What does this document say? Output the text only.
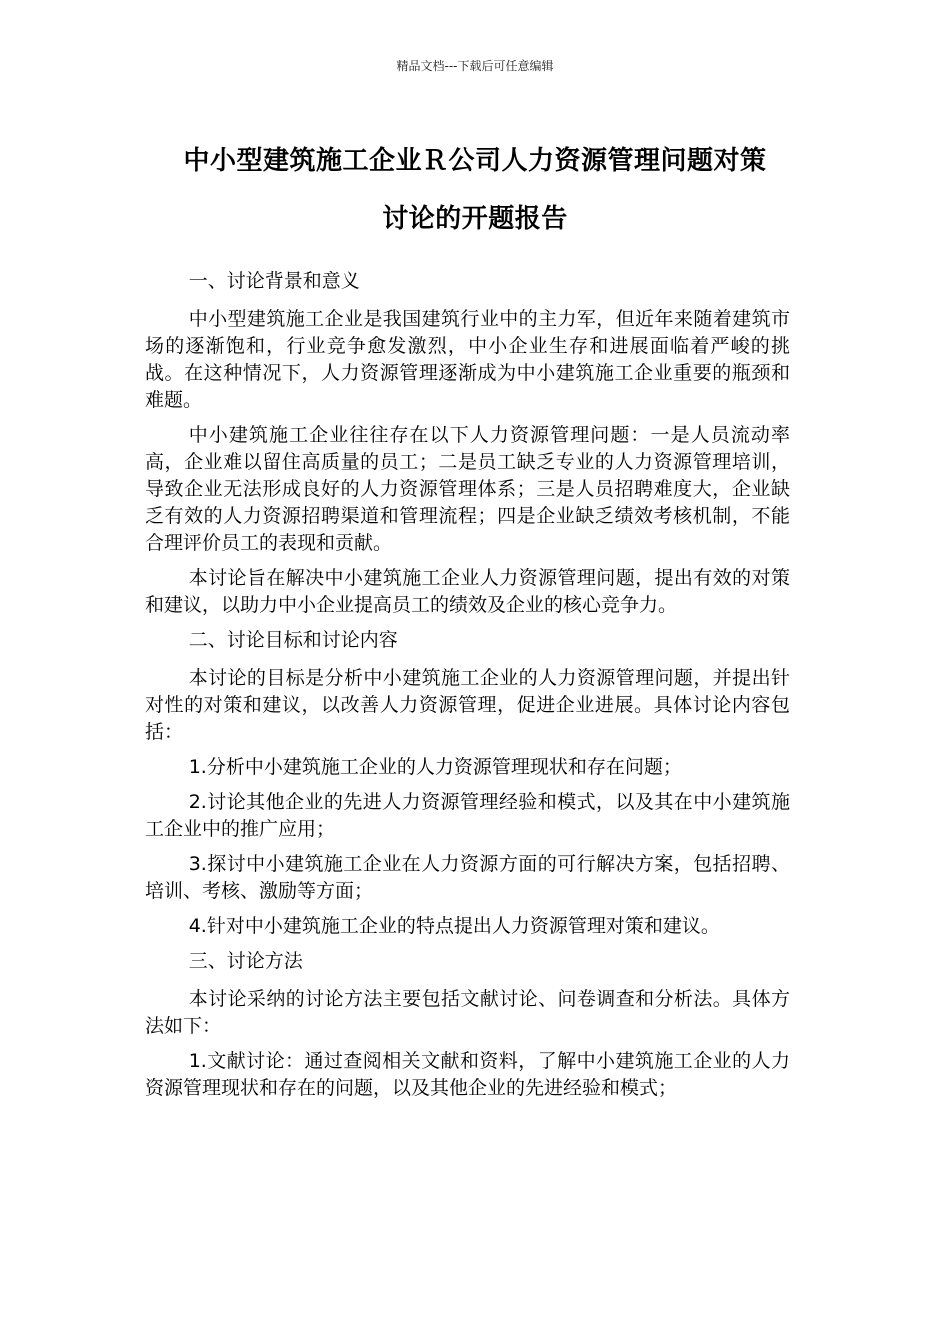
精品文档---下载后可任意编辑
中小型建筑施工企业Ｒ公司人力资源管理问题对策
讨论的开题报告

一、讨论背景和意义

中小型建筑施工企业是我国建筑行业中的主力军，但近年来随着建筑市场的逐渐饱和，行业竞争愈发激烈，中小企业生存和进展面临着严峻的挑战。在这种情况下，人力资源管理逐渐成为中小建筑施工企业重要的瓶颈和难题。

中小建筑施工企业往往存在以下人力资源管理问题：一是人员流动率高，企业难以留住高质量的员工；二是员工缺乏专业的人力资源管理培训，导致企业无法形成良好的人力资源管理体系；三是人员招聘难度大，企业缺乏有效的人力资源招聘渠道和管理流程；四是企业缺乏绩效考核机制，不能合理评价员工的表现和贡献。

本讨论旨在解决中小建筑施工企业人力资源管理问题，提出有效的对策和建议，以助力中小企业提高员工的绩效及企业的核心竞争力。

二、讨论目标和讨论内容

本讨论的目标是分析中小建筑施工企业的人力资源管理问题，并提出针对性的对策和建议，以改善人力资源管理，促进企业进展。具体讨论内容包括：

1.分析中小建筑施工企业的人力资源管理现状和存在问题；

2.讨论其他企业的先进人力资源管理经验和模式，以及其在中小建筑施工企业中的推广应用；

3.探讨中小建筑施工企业在人力资源方面的可行解决方案，包括招聘、培训、考核、激励等方面；

4.针对中小建筑施工企业的特点提出人力资源管理对策和建议。

三、讨论方法

本讨论采纳的讨论方法主要包括文献讨论、问卷调查和分析法。具体方法如下：

1.文献讨论：通过查阅相关文献和资料，了解中小建筑施工企业的人力资源管理现状和存在的问题，以及其他企业的先进经验和模式；
